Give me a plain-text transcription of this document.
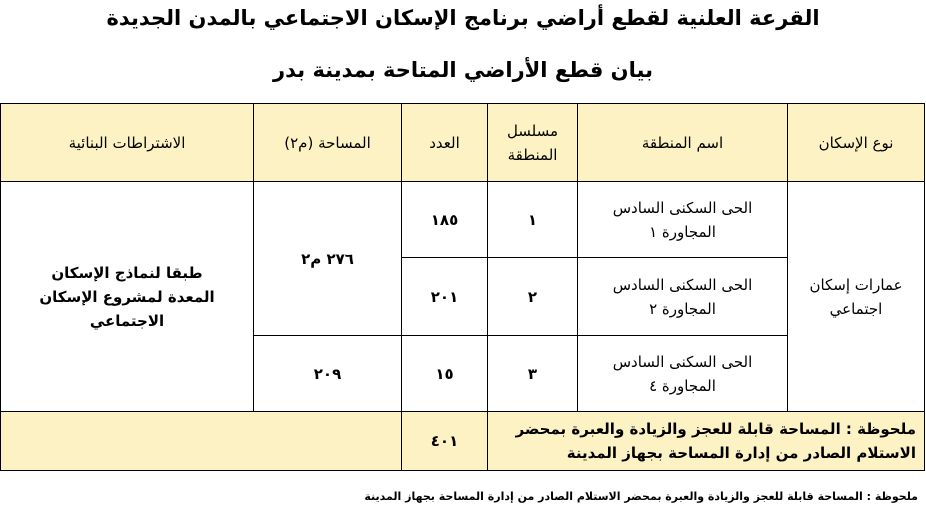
القرعة العلنية لقطع أراضي برنامج الإسكان الاجتماعي بالمدن الجديدة
بيان قطع الأراضي المتاحة بمدينة بدر
نوع الإسكان	اسم المنطقة	مسلسل المنطقة	العدد	المساحة (م٢)	الاشتراطات البنائية

عمارات إسكان اجتماعي	الحى السكنى السادس المجاورة ١	١	١٨٥	٢٧٦ م٢	طبقا لنماذج الإسكان المعدة لمشروع الإسكان الاجتماعي

	الحى السكنى السادس المجاورة ٢	٢	٢٠١		

	الحى السكنى السادس المجاورة ٤	٣	١٥	٢٠٩	
ملحوظة : المساحة قابلة للعجز والزيادة والعبرة بمحضر الاستلام الصادر من إدارة المساحة بجهاز المدينة			٤٠١		
ملحوظة : المساحة قابلة للعجز والزيادة والعبرة بمحضر الاستلام الصادر من إدارة المساحة بجهاز المدينة
